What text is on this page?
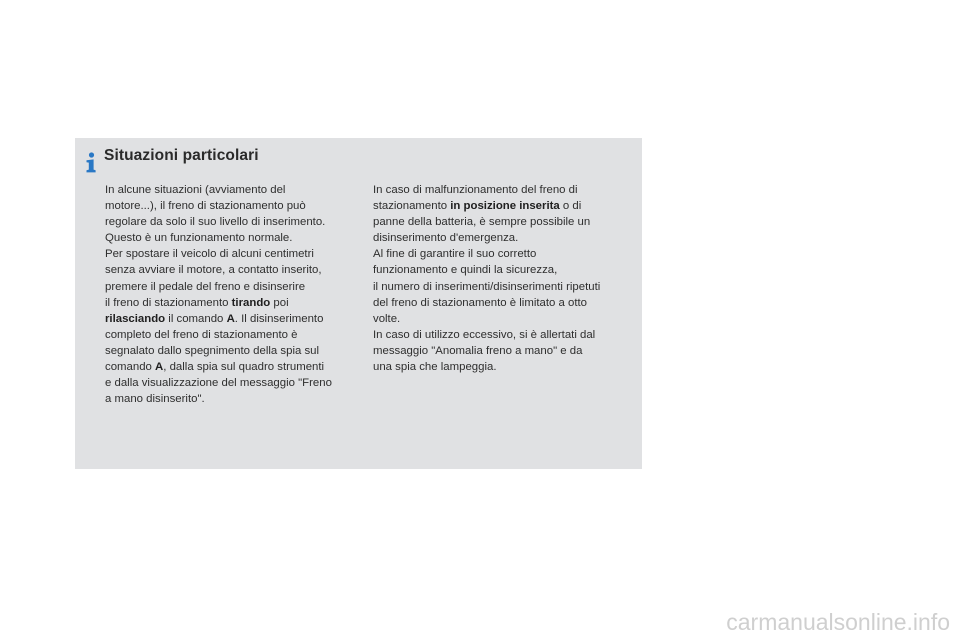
Situazioni particolari
In alcune situazioni (avviamento del
motore...), il freno di stazionamento può
regolare da solo il suo livello di inserimento.
Questo è un funzionamento normale.
Per spostare il veicolo di alcuni centimetri
senza avviare il motore, a contatto inserito,
premere il pedale del freno e disinserire
il freno di stazionamento tirando poi
rilasciando il comando A. Il disinserimento
completo del freno di stazionamento è
segnalato dallo spegnimento della spia sul
comando A, dalla spia sul quadro strumenti
e dalla visualizzazione del messaggio "Freno
a mano disinserito".
In caso di malfunzionamento del freno di
stazionamento in posizione inserita o di
panne della batteria, è sempre possibile un
disinserimento d'emergenza.
Al fine di garantire il suo corretto
funzionamento e quindi la sicurezza,
il numero di inserimenti/disinserimenti ripetuti
del freno di stazionamento è limitato a otto
volte.
In caso di utilizzo eccessivo, si è allertati dal
messaggio "Anomalia freno a mano" e da
una spia che lampeggia.
carmanualsonline.info
